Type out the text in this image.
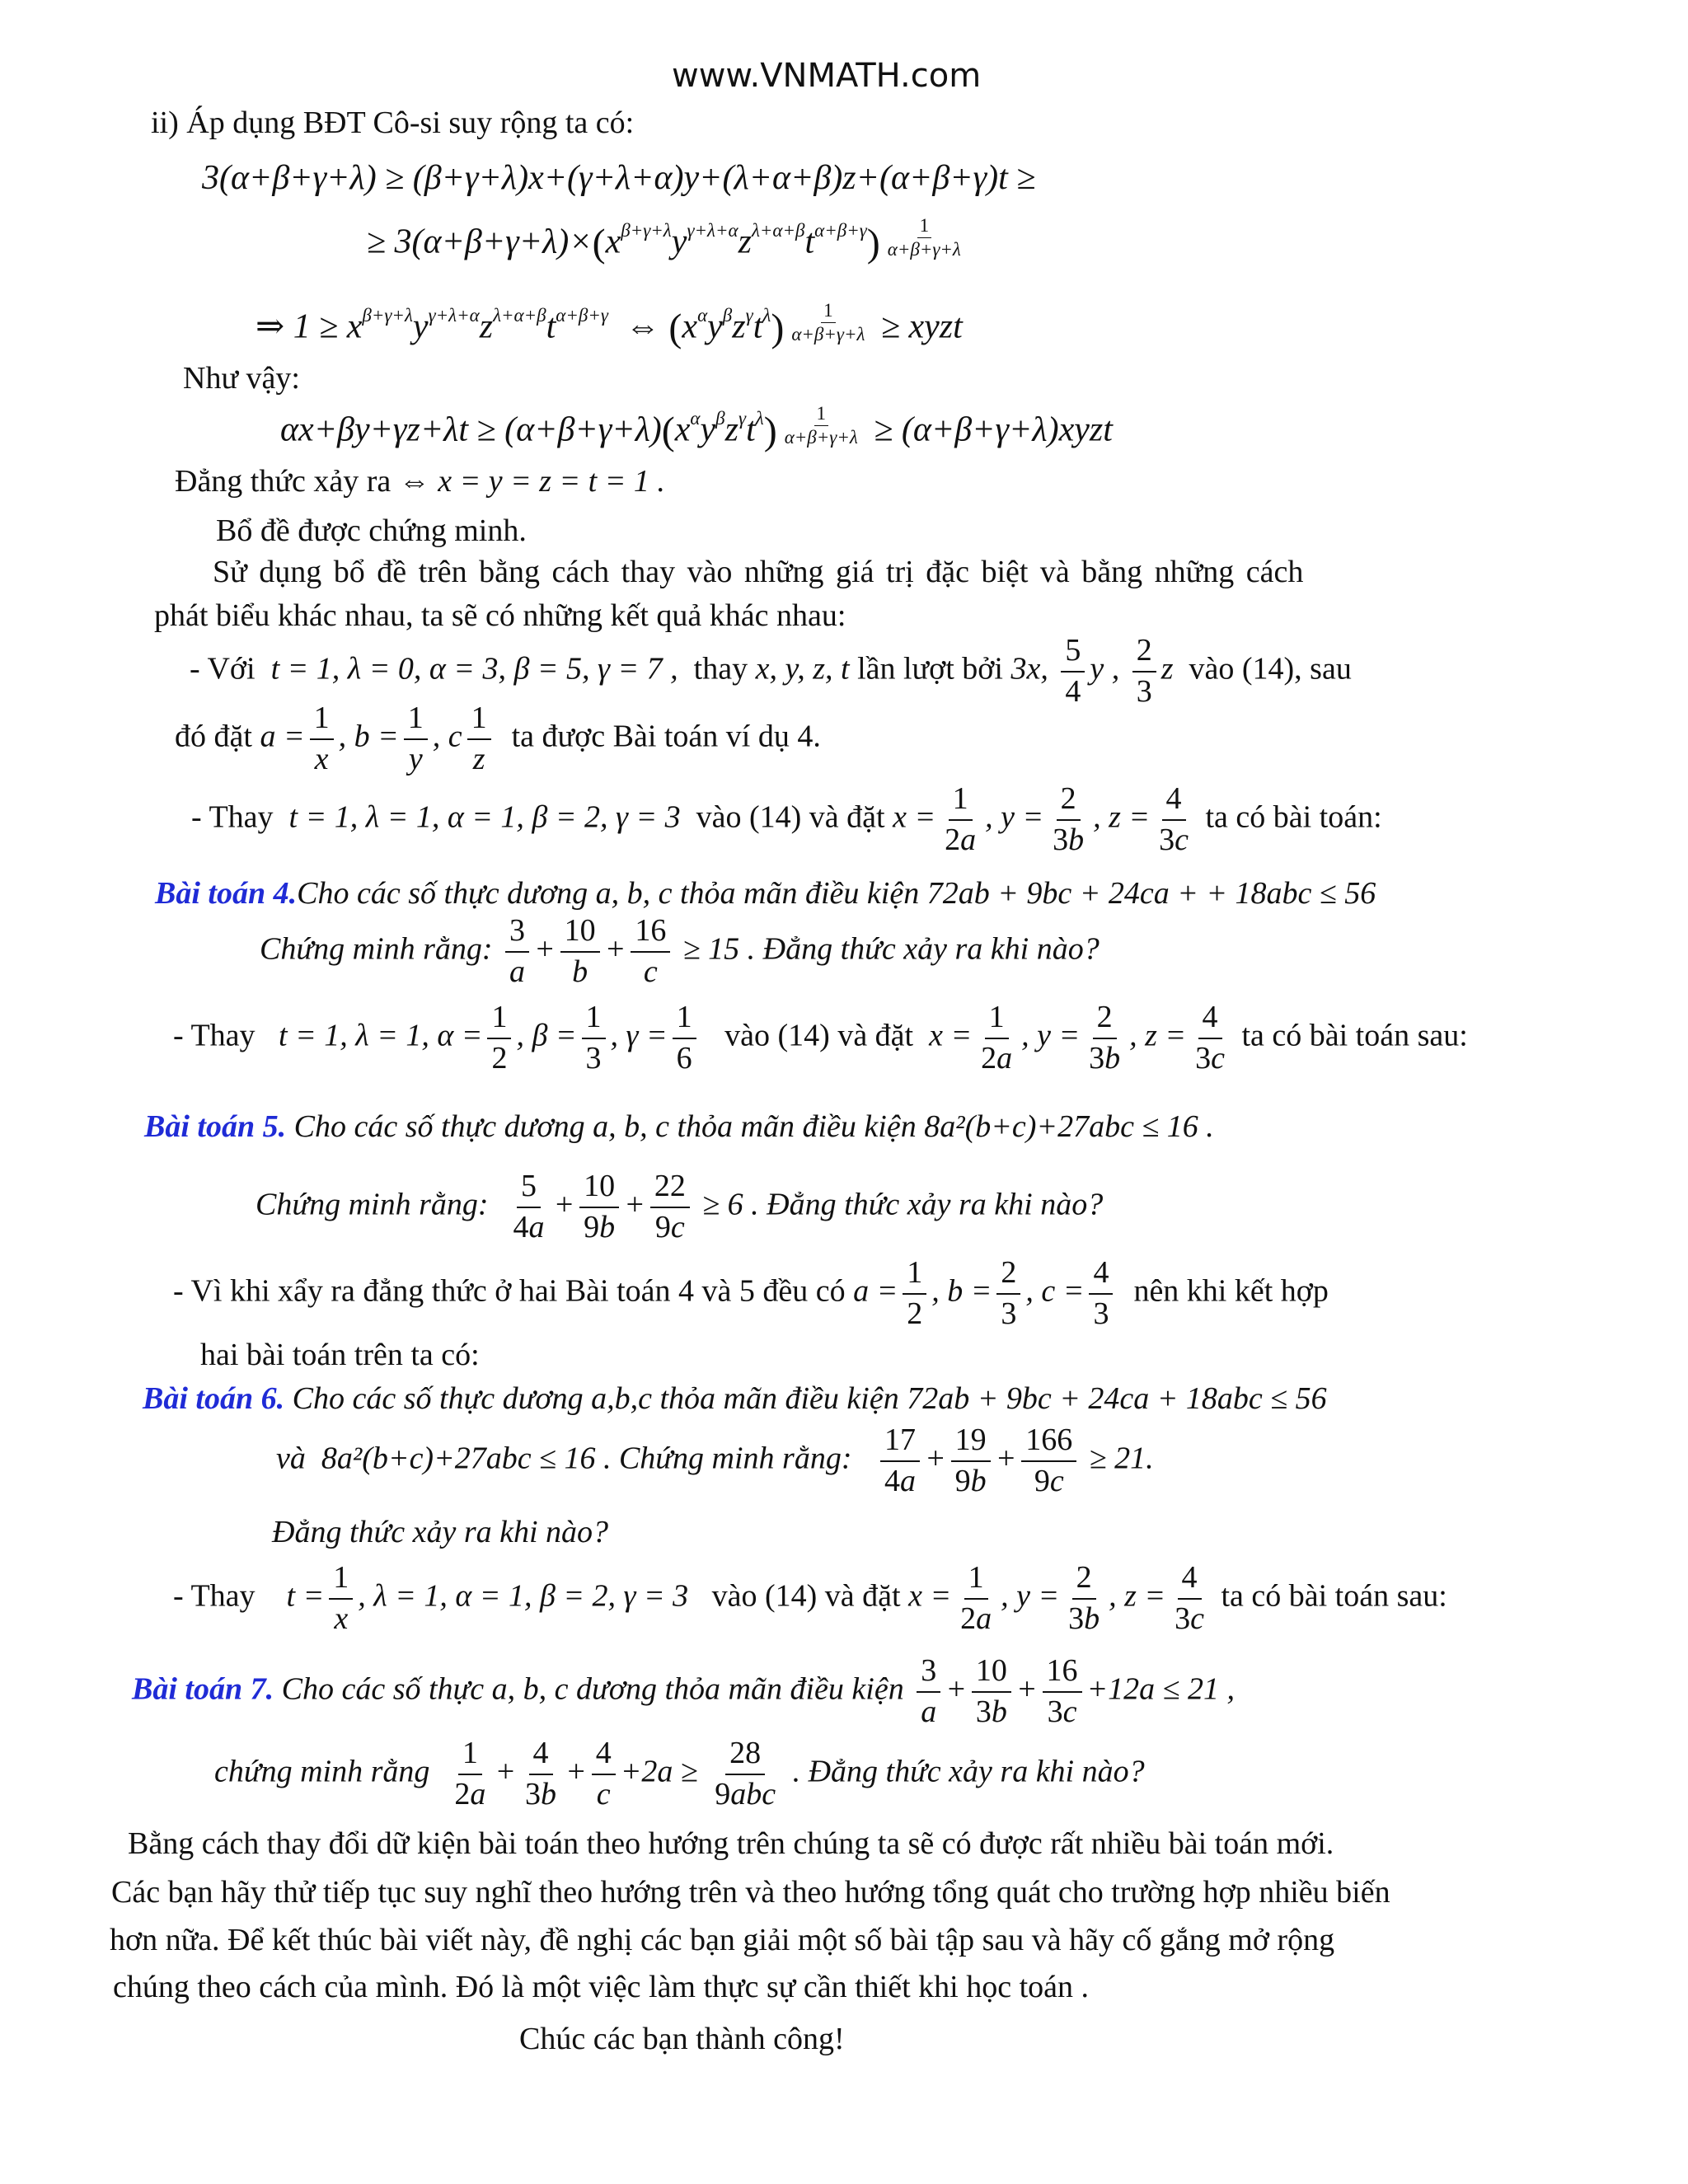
www.VNMATH.com
ii) Áp dụng BĐT Cô-si suy rộng ta có:
3(α+β+γ+λ) ≥ (β+γ+λ)x+(γ+λ+α)y+(λ+α+β)z+(α+β+γ)t ≥
≥ $3(\alpha+\beta+\gamma+\lambda)\times(x^{\beta+\gamma+\lambda}y^{\gamma+\lambda+\alpha}z^{\lambda+\alpha+\beta}t^{\alpha+\beta+\gamma}) \frac{1}{\alpha+\beta+\gamma+\lambda}$
⇒ $1 \ge x^{\beta+\gamma+\lambda}y^{\gamma+\lambda+\alpha}z^{\lambda+\alpha+\beta}t^{\alpha+\beta+\gamma}$  ⇔ $(x^\alpha y^\beta z^\gamma t^\lambda) \frac{1}{\alpha+\beta+\gamma+\lambda}$ ≥ xyzt
Như vậy:
$\alpha x+\beta y+\gamma z+\lambda t \ge (\alpha+\beta+\gamma+\lambda)(x^\alpha y^\beta z^\gamma t^\lambda) \frac{1}{\alpha+\beta+\gamma+\lambda}$ ≥ (α+β+γ+λ)xyzt
Đẳng thức xảy ra ⇔ x = y = z = t = 1 .
Bổ đề được chứng minh.
Sử dụng bổ đề trên bằng cách thay vào những giá trị đặc biệt và bằng những cách
phát biểu khác nhau, ta sẽ có những kết quả khác nhau:
- Với t = 1, λ = 0, α = 3, β = 5, γ = 7 , thay x, y, z, t lần lượt bởi 3x, $\frac{5}{4}$ y , $\frac{2}{3}$ z vào (14), sau
đó đặt $a = \frac{1}{x}$ , $b = \frac{1}{y}$ , c $\frac{1}{z}$ ta được Bài toán ví dụ 4.
- Thay t = 1, λ = 1, α = 1, β = 2, γ = 3 vào (14) và đặt $x = \frac{1}{2a}$ , $y = \frac{2}{3b}$ , $z = \frac{4}{3c}$ ta có bài toán:
Bài toán 4.Cho các số thực dương a, b, c thỏa mãn điều kiện 72ab + 9bc + 24ca + + 18abc ≤ 56
Chứng minh rằng: $\frac{3}{a} + \frac{10}{b} + \frac{16}{c} \ge 15$ . Đẳng thức xảy ra khi nào?
- Thay t = 1, λ = 1, $\alpha = \frac{1}{2}$ , $\beta = \frac{1}{3}$ , $\gamma = \frac{1}{6}$ vào (14) và đặt $x = \frac{1}{2a}$ , $y = \frac{2}{3b}$ , $z = \frac{4}{3c}$ ta có bài toán sau:
Bài toán 5. Cho các số thực dương a, b, c thỏa mãn điều kiện 8a²(b+c)+27abc ≤ 16 .
Chứng minh rằng: $\frac{5}{4a} + \frac{10}{9b} + \frac{22}{9c} \ge 6$ . Đẳng thức xảy ra khi nào?
- Vì khi xẩy ra đẳng thức ở hai Bài toán 4 và 5 đều có $a = \frac{1}{2}$ , $b = \frac{2}{3}$ , $c = \frac{4}{3}$ nên khi kết hợp
hai bài toán trên ta có:
Bài toán 6. Cho các số thực dương a,b,c thỏa mãn điều kiện 72ab + 9bc + 24ca + 18abc ≤ 56
và 8a²(b+c)+27abc ≤ 16 . Chứng minh rằng: $\frac{17}{4a} + \frac{19}{9b} + \frac{166}{9c} \ge 21$.
Đẳng thức xảy ra khi nào?
- Thay $t = \frac{1}{x}$ , λ = 1, α = 1, β = 2, γ = 3 vào (14) và đặt $x = \frac{1}{2a}$ , $y = \frac{2}{3b}$ , $z = \frac{4}{3c}$ ta có bài toán sau:
Bài toán 7. Cho các số thực a, b, c dương thỏa mãn điều kiện $\frac{3}{a} + \frac{10}{3b} + \frac{16}{3c} +12a \le 21$ ,
chứng minh rằng $\frac{1}{2a} + \frac{4}{3b} + \frac{4}{c} +2a \ge \frac{28}{\text{9abc}}$ . Đẳng thức xảy ra khi nào?
Bằng cách thay đổi dữ kiện bài toán theo hướng trên chúng ta sẽ có được rất nhiều bài toán mới.
Các bạn hãy thử tiếp tục suy nghĩ theo hướng trên và theo hướng tổng quát cho trường hợp nhiều biến
hơn nữa. Để kết thúc bài viết này, đề nghị các bạn giải một số bài tập sau và hãy cố gắng mở rộng
chúng theo cách của mình. Đó là một việc làm thực sự cần thiết khi học toán .
Chúc các bạn thành công!
